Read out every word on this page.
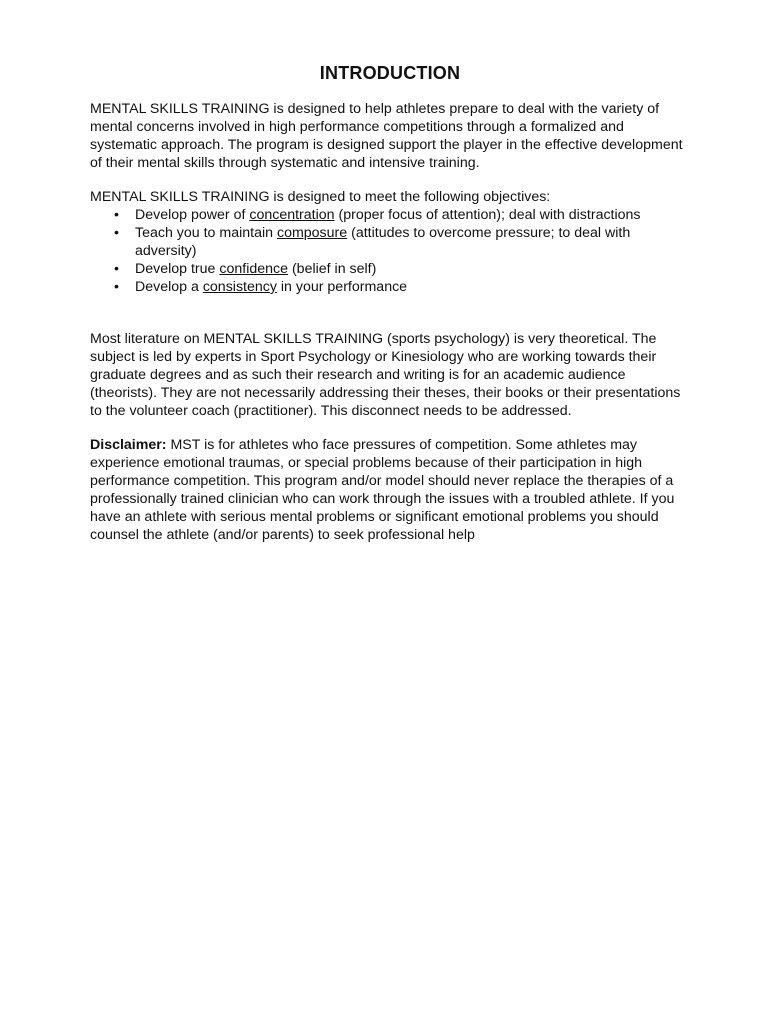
INTRODUCTION

MENTAL SKILLS TRAINING is designed to help athletes prepare to deal with the variety of mental concerns involved in high performance competitions through a formalized and systematic approach. The program is designed support the player in the effective development of their mental skills through systematic and intensive training.

MENTAL SKILLS TRAINING is designed to meet the following objectives:

• Develop power of concentration (proper focus of attention); deal with distractions
• Teach you to maintain composure (attitudes to overcome pressure; to deal with adversity)
• Develop true confidence (belief in self)
• Develop a consistency in your performance

Most literature on MENTAL SKILLS TRAINING (sports psychology) is very theoretical. The subject is led by experts in Sport Psychology or Kinesiology who are working towards their graduate degrees and as such their research and writing is for an academic audience (theorists). They are not necessarily addressing their theses, their books or their presentations to the volunteer coach (practitioner). This disconnect needs to be addressed.

Disclaimer: MST is for athletes who face pressures of competition. Some athletes may experience emotional traumas, or special problems because of their participation in high performance competition. This program and/or model should never replace the therapies of a professionally trained clinician who can work through the issues with a troubled athlete. If you have an athlete with serious mental problems or significant emotional problems you should counsel the athlete (and/or parents) to seek professional help
